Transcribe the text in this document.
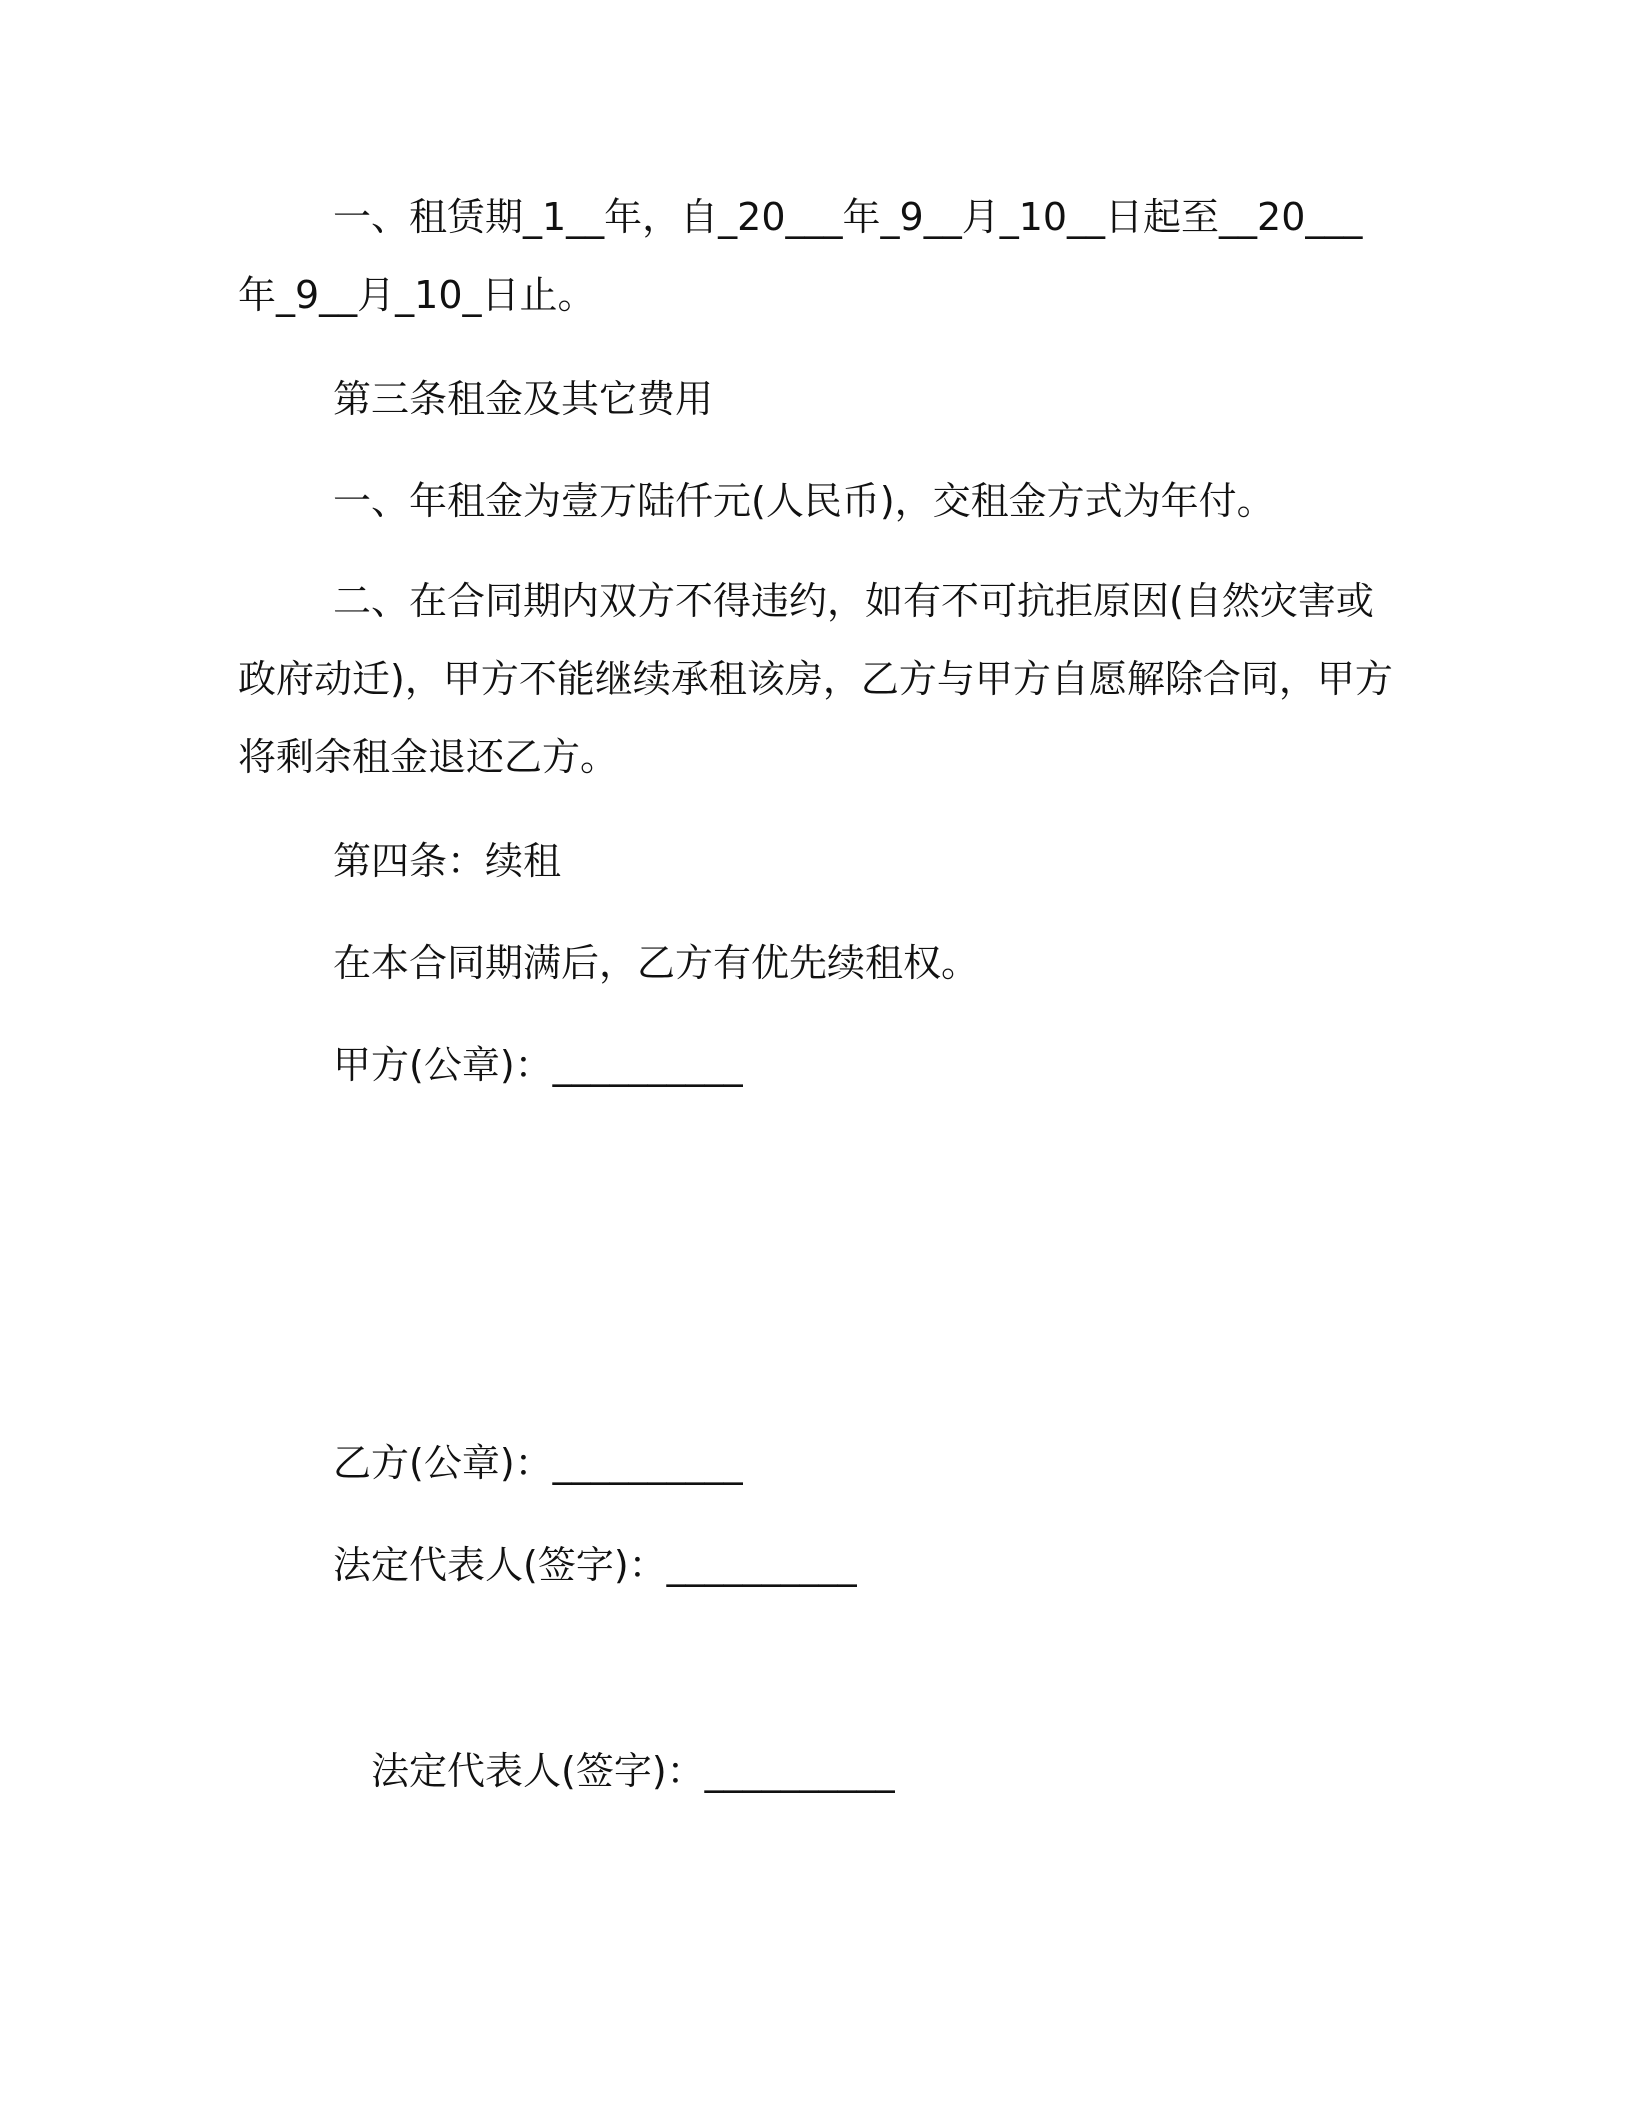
一、租赁期_1__年，自_20___年_9__月_10__日起至__20___
年_9__月_10_日止。
第三条租金及其它费用
一、年租金为壹万陆仟元(人民币)，交租金方式为年付。
二、在合同期内双方不得违约，如有不可抗拒原因(自然灾害或
政府动迁)，甲方不能继续承租该房，乙方与甲方自愿解除合同，甲方
将剩余租金退还乙方。
第四条：续租
在本合同期满后，乙方有优先续租权。
甲方(公章)：__________
乙方(公章)：__________
法定代表人(签字)：__________
法定代表人(签字)：__________
